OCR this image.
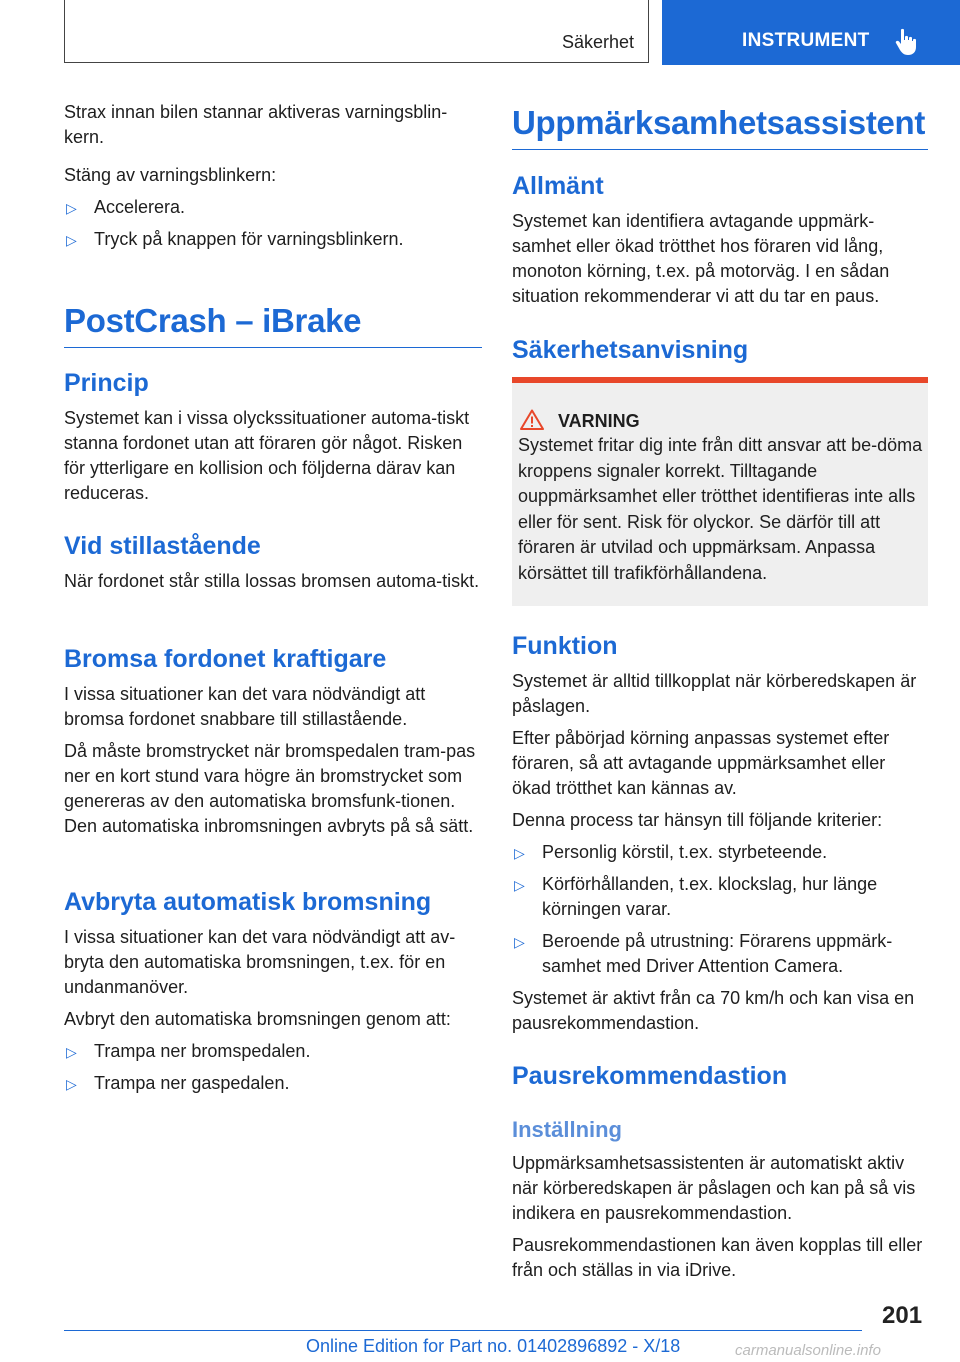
Säkerhet	INSTRUMENT

Strax innan bilen stannar aktiveras varningsblin-kern.

Stäng av varningsblinkern:

▷ Accelerera.
▷ Tryck på knappen för varningsblinkern.
PostCrash – iBrake
Princip

Systemet kan i vissa olyckssituationer automa-tiskt stanna fordonet utan att föraren gör något. Risken för ytterligare en kollision och följderna därav kan reduceras.

Vid stillastående

När fordonet står stilla lossas bromsen automa-tiskt.

Bromsa fordonet kraftigare

I vissa situationer kan det vara nödvändigt att bromsa fordonet snabbare till stillastående.

Då måste bromstrycket när bromspedalen tram-pas ner en kort stund vara högre än bromstrycket som genereras av den automatiska bromsfunk-tionen. Den automatiska inbromsningen avbryts på så sätt.

Avbryta automatisk bromsning

I vissa situationer kan det vara nödvändigt att av-bryta den automatiska bromsningen, t.ex. för en undanmanöver.

Avbryt den automatiska bromsningen genom att:

▷ Trampa ner bromspedalen.
▷ Trampa ner gaspedalen.
Uppmärksamhetsassistent
Allmänt

Systemet kan identifiera avtagande uppmärk-samhet eller ökad trötthet hos föraren vid lång, monoton körning, t.ex. på motorväg. I en sådan situation rekommenderar vi att du tar en paus.

Säkerhetsanvisning
VARNING
Systemet fritar dig inte från ditt ansvar att be-döma kroppens signaler korrekt. Tilltagande ouppmärksamhet eller trötthet identifieras inte alls eller för sent. Risk för olyckor. Se därför till att föraren är utvilad och uppmärksam. Anpassa körsättet till trafikförhållandena.
Funktion

Systemet är alltid tillkopplat när körberedskapen är påslagen.

Efter påbörjad körning anpassas systemet efter föraren, så att avtagande uppmärksamhet eller ökad trötthet kan kännas av.

Denna process tar hänsyn till följande kriterier:

▷ Personlig körstil, t.ex. styrbeteende.
▷ Körförhållanden, t.ex. klockslag, hur länge körningen varar.
▷ Beroende på utrustning: Förarens uppmärk-samhet med Driver Attention Camera.

Systemet är aktivt från ca 70 km/h och kan visa en pausrekommendastion.

Pausrekommendastion
Inställning

Uppmärksamhetsassistenten är automatiskt aktiv när körberedskapen är påslagen och kan på så vis indikera en pausrekommendastion.

Pausrekommendastionen kan även kopplas till eller från och ställas in via iDrive.

201
Online Edition for Part no. 01402896892 - X/18	carmanualsonline.info
